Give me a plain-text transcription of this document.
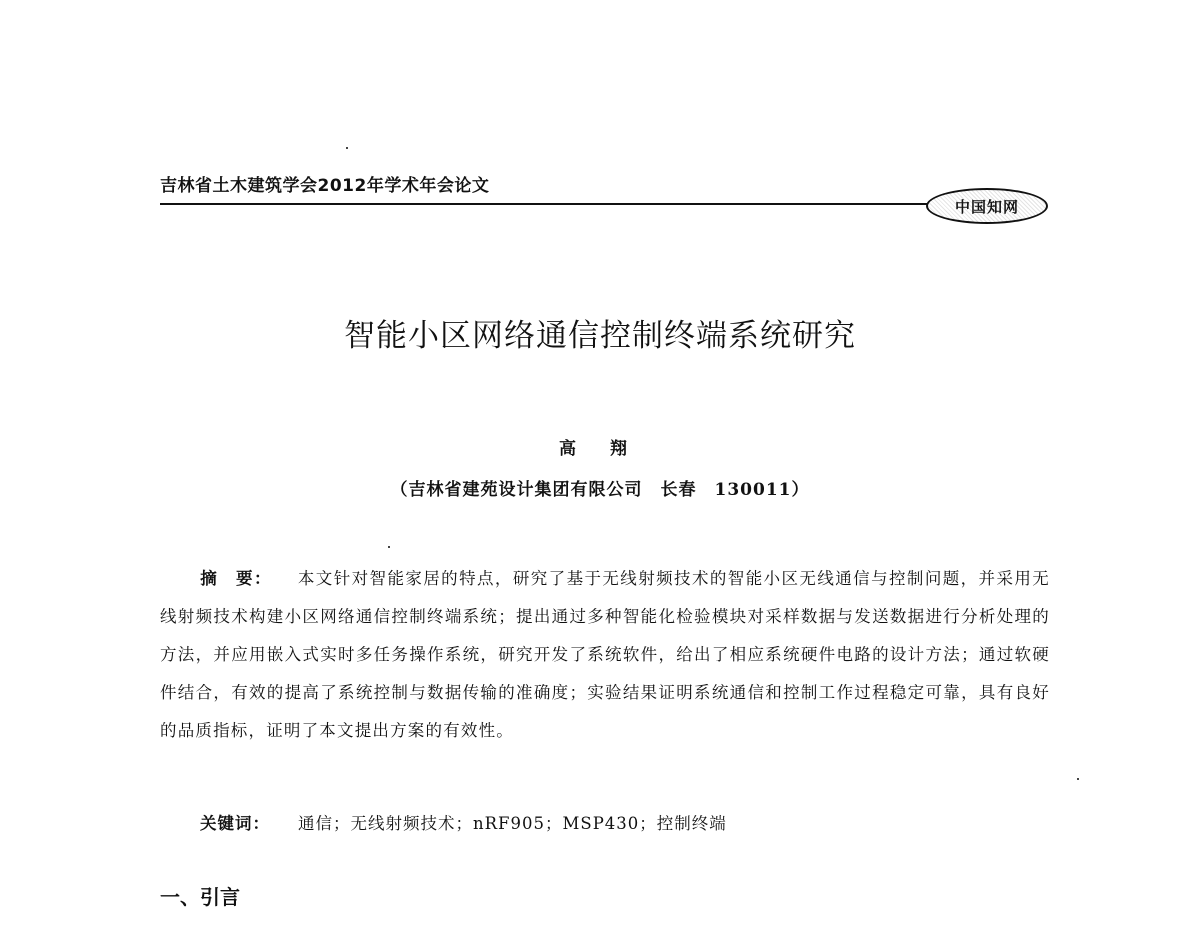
吉林省土木建筑学会2012年学术年会论文
中国知网
智能小区网络通信控制终端系统研究
高 翔
（吉林省建苑设计集团有限公司　长春　130011）
摘　要： 本文针对智能家居的特点，研究了基于无线射频技术的智能小区无线通信与控制问题，并采用无线射频技术构建小区网络通信控制终端系统；提出通过多种智能化检验模块对采样数据与发送数据进行分析处理的方法，并应用嵌入式实时多任务操作系统，研究开发了系统软件，给出了相应系统硬件电路的设计方法；通过软硬件结合，有效的提高了系统控制与数据传输的准确度；实验结果证明系统通信和控制工作过程稳定可靠，具有良好的品质指标，证明了本文提出方案的有效性。
关键词： 通信；无线射频技术；nRF905；MSP430；控制终端
一、引言
